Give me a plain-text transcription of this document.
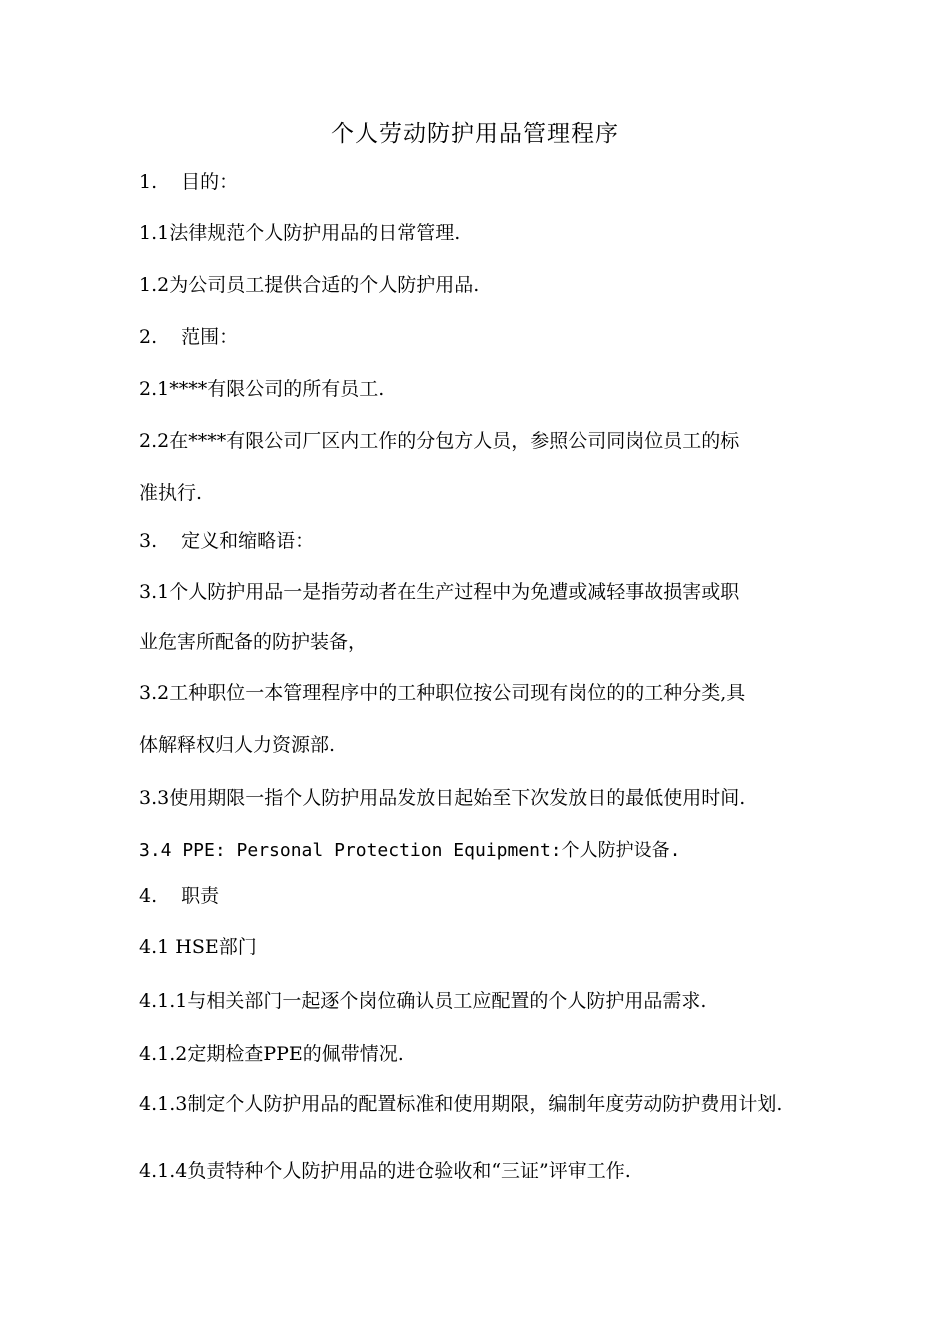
个人劳动防护用品管理程序
1. 目的：
1.1法律规范个人防护用品的日常管理.
1.2为公司员工提供合适的个人防护用品.
2. 范围：
2.1****有限公司的所有员工.
2.2在****有限公司厂区内工作的分包方人员，参照公司同岗位员工的标
准执行.
3. 定义和缩略语：
3.1个人防护用品一是指劳动者在生产过程中为免遭或减轻事故损害或职
业危害所配备的防护装备，
3.2工种职位一本管理程序中的工种职位按公司现有岗位的的工种分类,具
体解释权归人力资源部.
3.3使用期限一指个人防护用品发放日起始至下次发放日的最低使用时间.
3.4 PPE: Personal Protection Equipment:个人防护设备.
4. 职责
4.1 HSE部门
4.1.1与相关部门一起逐个岗位确认员工应配置的个人防护用品需求.
4.1.2定期检查PPE的佩带情况.
4.1.3制定个人防护用品的配置标准和使用期限，编制年度劳动防护费用计划.
4.1.4负责特种个人防护用品的进仓验收和“三证”评审工作.
